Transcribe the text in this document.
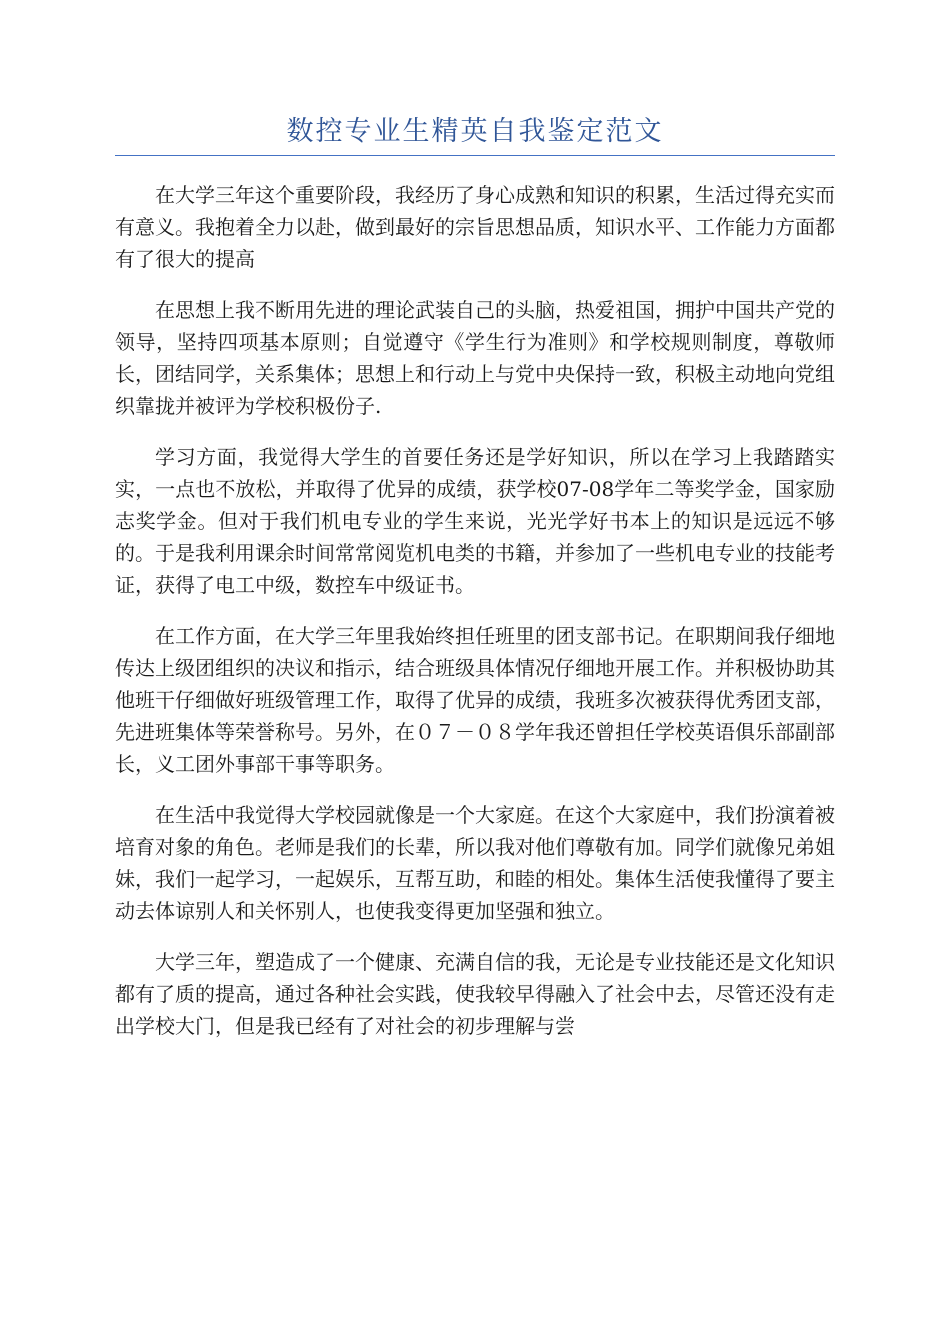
数控专业生精英自我鉴定范文

在大学三年这个重要阶段，我经历了身心成熟和知识的积累，生活过得充实而有意义。我抱着全力以赴，做到最好的宗旨思想品质，知识水平、工作能力方面都有了很大的提高

在思想上我不断用先进的理论武装自己的头脑，热爱祖国，拥护中国共产党的领导，坚持四项基本原则；自觉遵守《学生行为准则》和学校规则制度，尊敬师长，团结同学，关系集体；思想上和行动上与党中央保持一致，积极主动地向党组织靠拢并被评为学校积极份子.

学习方面，我觉得大学生的首要任务还是学好知识，所以在学习上我踏踏实实，一点也不放松，并取得了优异的成绩，获学校07-08学年二等奖学金，国家励志奖学金。但对于我们机电专业的学生来说，光光学好书本上的知识是远远不够的。于是我利用课余时间常常阅览机电类的书籍，并参加了一些机电专业的技能考证，获得了电工中级，数控车中级证书。

在工作方面，在大学三年里我始终担任班里的团支部书记。在职期间我仔细地传达上级团组织的决议和指示，结合班级具体情况仔细地开展工作。并积极协助其他班干仔细做好班级管理工作，取得了优异的成绩，我班多次被获得优秀团支部，先进班集体等荣誉称号。另外，在０７－０８学年我还曾担任学校英语俱乐部副部长，义工团外事部干事等职务。

在生活中我觉得大学校园就像是一个大家庭。在这个大家庭中，我们扮演着被培育对象的角色。老师是我们的长辈，所以我对他们尊敬有加。同学们就像兄弟姐妹，我们一起学习，一起娱乐，互帮互助，和睦的相处。集体生活使我懂得了要主动去体谅别人和关怀别人，也使我变得更加坚强和独立。

大学三年，塑造成了一个健康、充满自信的我，无论是专业技能还是文化知识都有了质的提高，通过各种社会实践，使我较早得融入了社会中去，尽管还没有走出学校大门，但是我已经有了对社会的初步理解与尝
